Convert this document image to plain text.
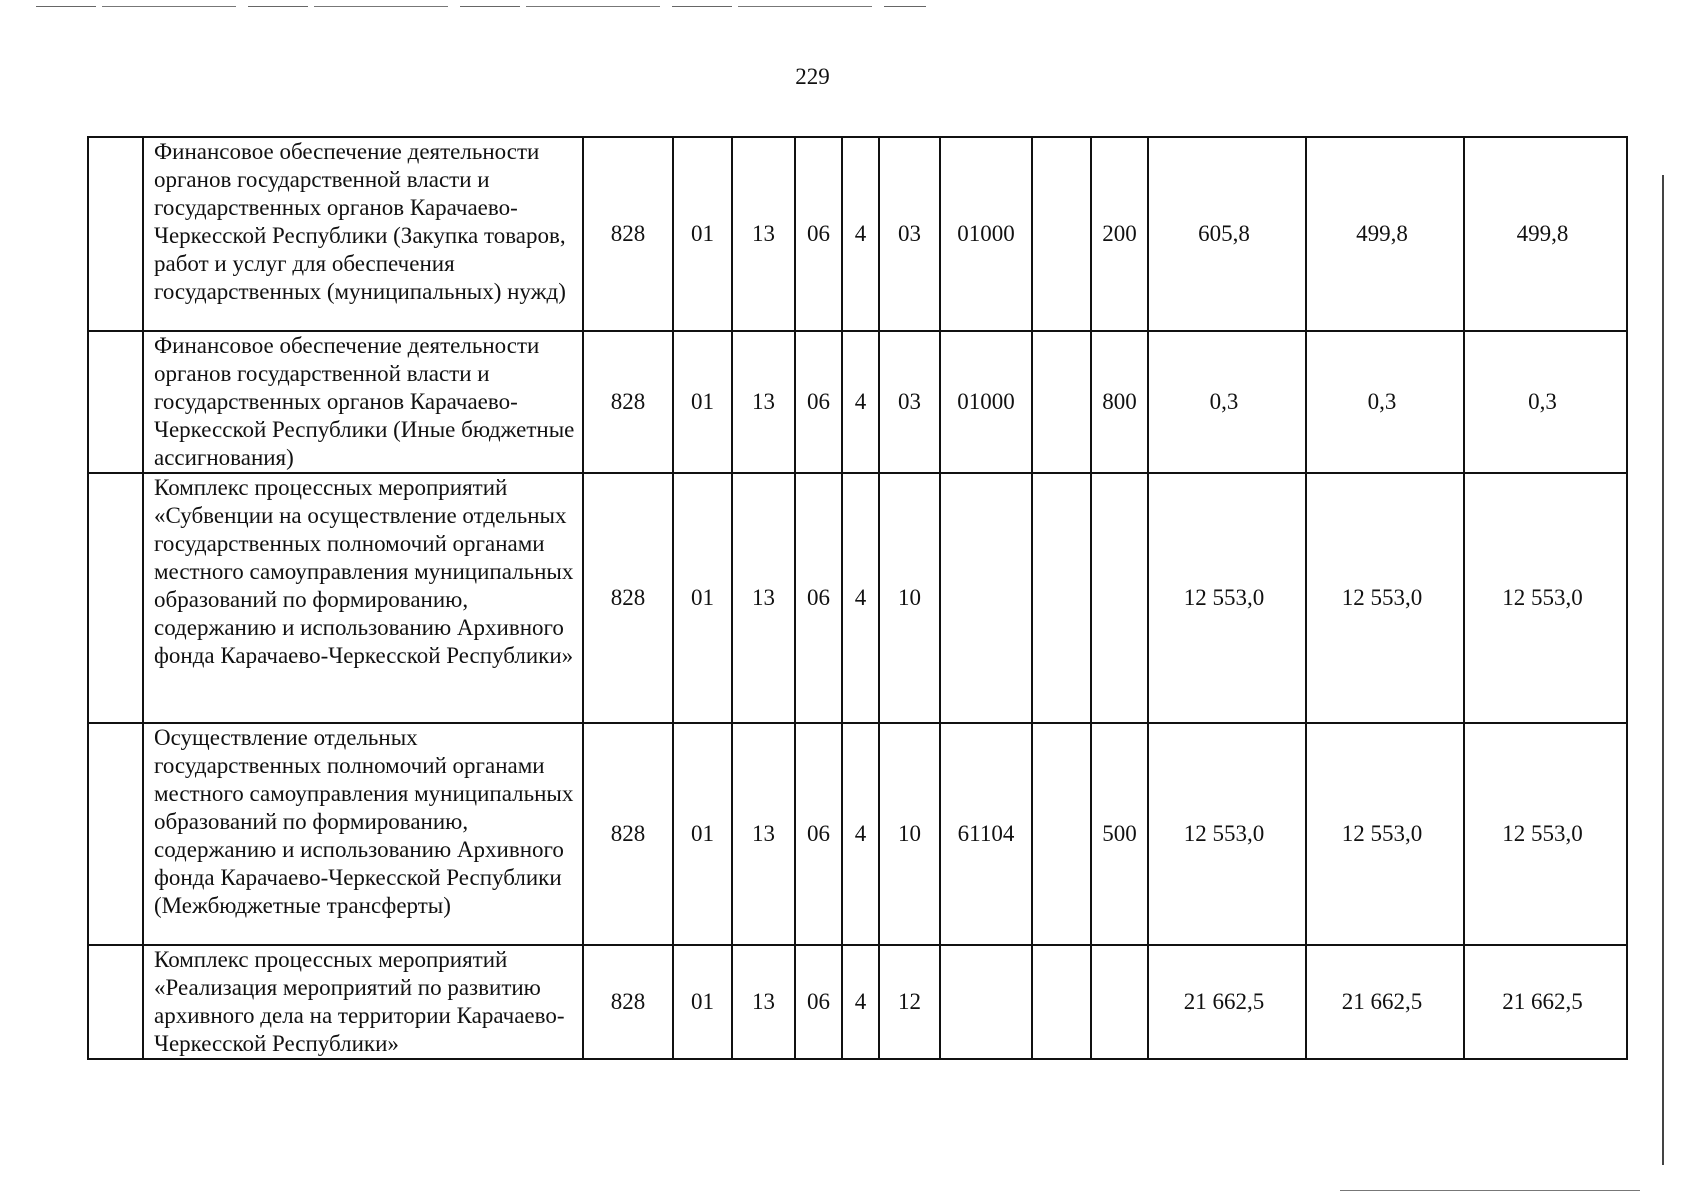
229
	Финансовое обеспечение деятельности органов государственной власти и государственных органов Карачаево-Черкесской Республики (Закупка товаров, работ и услуг для обеспечения государственных (муниципальных) нужд)	828	01	13	06	4	03	01000		200	605,8	499,8	499,8
	Финансовое обеспечение деятельности органов государственной власти и государственных органов Карачаево-Черкесской Республики (Иные бюджетные ассигнования)	828	01	13	06	4	03	01000		800	0,3	0,3	0,3
	Комплекс процессных мероприятий «Субвенции на осуществление отдельных государственных полномочий органами местного самоуправления муниципальных образований по формированию, содержанию и использованию Архивного фонда Карачаево-Черкесской Республики»	828	01	13	06	4	10				12 553,0	12 553,0	12 553,0
	Осуществление отдельных государственных полномочий органами местного самоуправления муниципальных образований по формированию, содержанию и использованию Архивного фонда Карачаево-Черкесской Республики (Межбюджетные трансферты)	828	01	13	06	4	10	61104		500	12 553,0	12 553,0	12 553,0
	Комплекс процессных мероприятий «Реализация мероприятий по развитию архивного дела на территории Карачаево-Черкесской Республики»	828	01	13	06	4	12				21 662,5	21 662,5	21 662,5
